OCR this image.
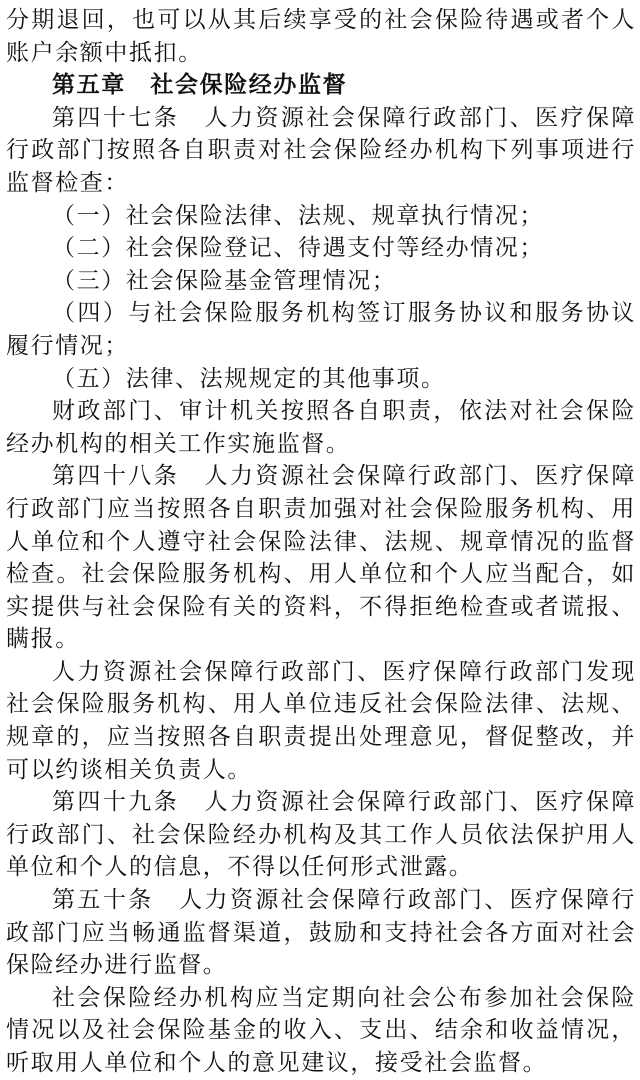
分期退回，也可以从其后续享受的社会保险待遇或者个人账户余额中抵扣。

第五章　社会保险经办监督

第四十七条　人力资源社会保障行政部门、医疗保障行政部门按照各自职责对社会保险经办机构下列事项进行监督检查：

（一）社会保险法律、法规、规章执行情况；

（二）社会保险登记、待遇支付等经办情况；

（三）社会保险基金管理情况；

（四）与社会保险服务机构签订服务协议和服务协议履行情况；

（五）法律、法规规定的其他事项。

财政部门、审计机关按照各自职责，依法对社会保险经办机构的相关工作实施监督。

第四十八条　人力资源社会保障行政部门、医疗保障行政部门应当按照各自职责加强对社会保险服务机构、用人单位和个人遵守社会保险法律、法规、规章情况的监督检查。社会保险服务机构、用人单位和个人应当配合，如实提供与社会保险有关的资料，不得拒绝检查或者谎报、瞒报。

人力资源社会保障行政部门、医疗保障行政部门发现社会保险服务机构、用人单位违反社会保险法律、法规、规章的，应当按照各自职责提出处理意见，督促整改，并可以约谈相关负责人。

第四十九条　人力资源社会保障行政部门、医疗保障行政部门、社会保险经办机构及其工作人员依法保护用人单位和个人的信息，不得以任何形式泄露。

第五十条　人力资源社会保障行政部门、医疗保障行政部门应当畅通监督渠道，鼓励和支持社会各方面对社会保险经办进行监督。

社会保险经办机构应当定期向社会公布参加社会保险情况以及社会保险基金的收入、支出、结余和收益情况，听取用人单位和个人的意见建议，接受社会监督。
